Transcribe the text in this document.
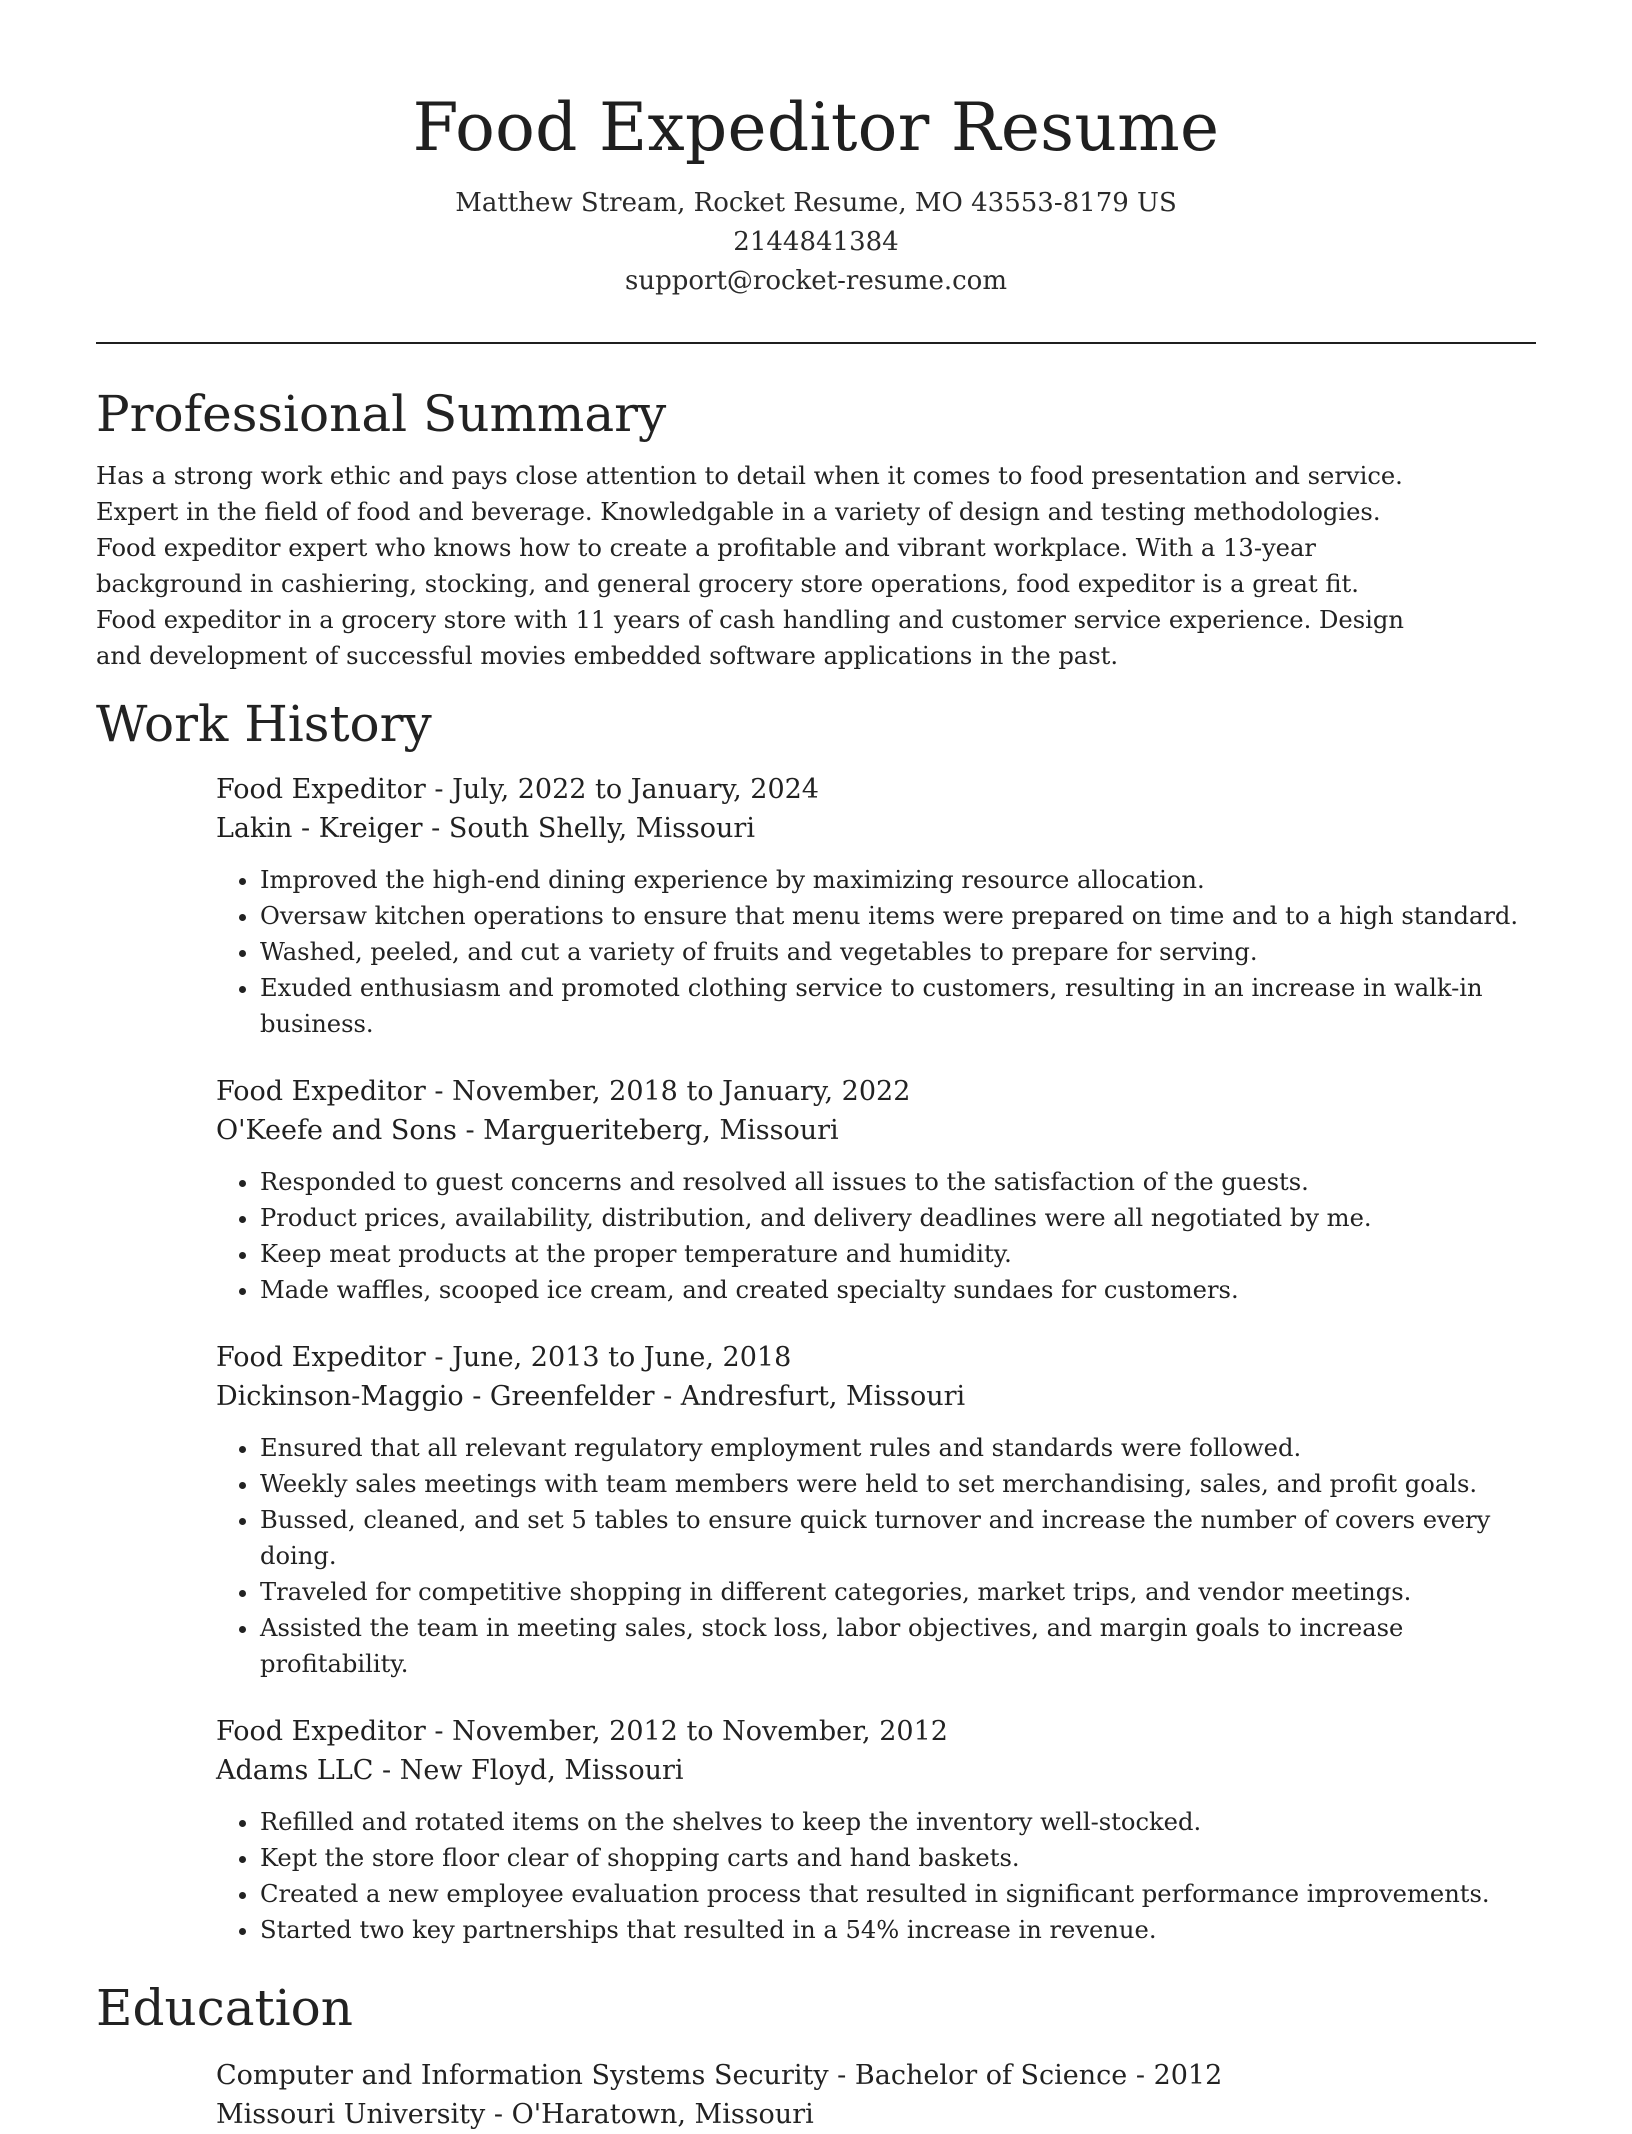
Food Expeditor Resume
Matthew Stream, Rocket Resume, MO 43553-8179 US
2144841384
support@rocket-resume.com
Professional Summary
Has a strong work ethic and pays close attention to detail when it comes to food presentation and service. Expert in the field of food and beverage. Knowledgable in a variety of design and testing methodologies. Food expeditor expert who knows how to create a profitable and vibrant workplace. With a 13-year background in cashiering, stocking, and general grocery store operations, food expeditor is a great fit. Food expeditor in a grocery store with 11 years of cash handling and customer service experience. Design and development of successful movies embedded software applications in the past.
Work History
Food Expeditor - July, 2022 to January, 2024
Lakin - Kreiger - South Shelly, Missouri
• Improved the high-end dining experience by maximizing resource allocation.
• Oversaw kitchen operations to ensure that menu items were prepared on time and to a high standard.
• Washed, peeled, and cut a variety of fruits and vegetables to prepare for serving.
• Exuded enthusiasm and promoted clothing service to customers, resulting in an increase in walk-in business.
Food Expeditor - November, 2018 to January, 2022
O'Keefe and Sons - Margueriteberg, Missouri
• Responded to guest concerns and resolved all issues to the satisfaction of the guests.
• Product prices, availability, distribution, and delivery deadlines were all negotiated by me.
• Keep meat products at the proper temperature and humidity.
• Made waffles, scooped ice cream, and created specialty sundaes for customers.
Food Expeditor - June, 2013 to June, 2018
Dickinson-Maggio - Greenfelder - Andresfurt, Missouri
• Ensured that all relevant regulatory employment rules and standards were followed.
• Weekly sales meetings with team members were held to set merchandising, sales, and profit goals.
• Bussed, cleaned, and set 5 tables to ensure quick turnover and increase the number of covers every doing.
• Traveled for competitive shopping in different categories, market trips, and vendor meetings.
• Assisted the team in meeting sales, stock loss, labor objectives, and margin goals to increase profitability.
Food Expeditor - November, 2012 to November, 2012
Adams LLC - New Floyd, Missouri
• Refilled and rotated items on the shelves to keep the inventory well-stocked.
• Kept the store floor clear of shopping carts and hand baskets.
• Created a new employee evaluation process that resulted in significant performance improvements.
• Started two key partnerships that resulted in a 54% increase in revenue.
Education
Computer and Information Systems Security - Bachelor of Science - 2012
Missouri University - O'Haratown, Missouri
